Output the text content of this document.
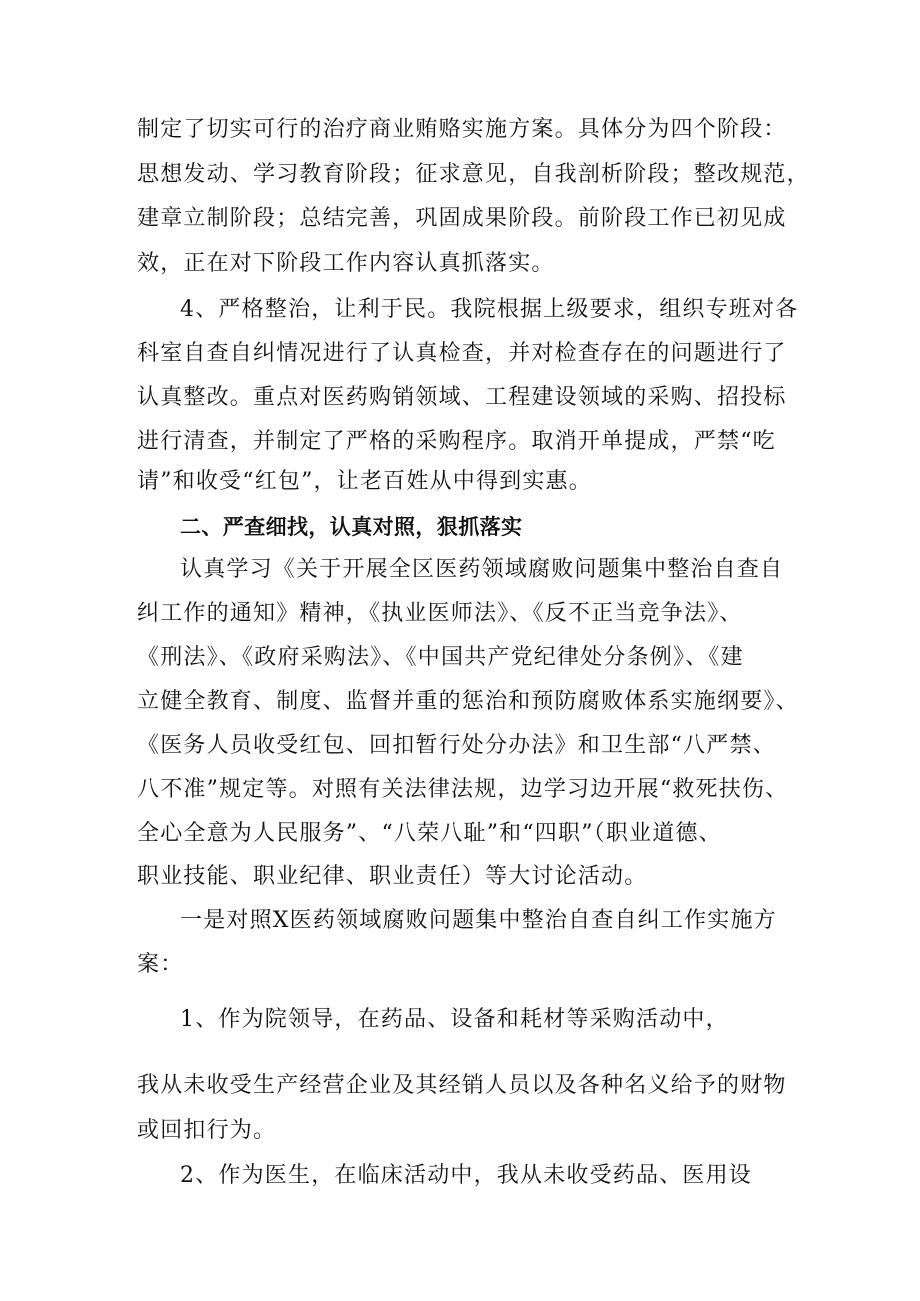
制定了切实可行的治疗商业贿赂实施方案。具体分为四个阶段：
思想发动、学习教育阶段；征求意见，自我剖析阶段；整改规范，
建章立制阶段；总结完善，巩固成果阶段。前阶段工作已初见成
效，正在对下阶段工作内容认真抓落实。
4、严格整治，让利于民。我院根据上级要求，组织专班对各
科室自查自纠情况进行了认真检查，并对检查存在的问题进行了
认真整改。重点对医药购销领域、工程建设领域的采购、招投标
进行清查，并制定了严格的采购程序。取消开单提成，严禁“吃
请”和收受“红包”，让老百姓从中得到实惠。
二、严查细找，认真对照，狠抓落实
认真学习《关于开展全区医药领域腐败问题集中整治自查自
纠工作的通知》精神，《执业医师法》、《反不正当竞争法》、
《刑法》、《政府采购法》、《中国共产党纪律处分条例》、《建
立健全教育、制度、监督并重的惩治和预防腐败体系实施纲要》、
《医务人员收受红包、回扣暂行处分办法》和卫生部“八严禁、
八不准”规定等。对照有关法律法规，边学习边开展“救死扶伤、
全心全意为人民服务”、“八荣八耻”和“四职”（职业道德、
职业技能、职业纪律、职业责任）等大讨论活动。
一是对照X医药领域腐败问题集中整治自查自纠工作实施方
案：
1、作为院领导，在药品、设备和耗材等采购活动中，
我从未收受生产经营企业及其经销人员以及各种名义给予的财物
或回扣行为。
2、作为医生，在临床活动中，我从未收受药品、医用设
